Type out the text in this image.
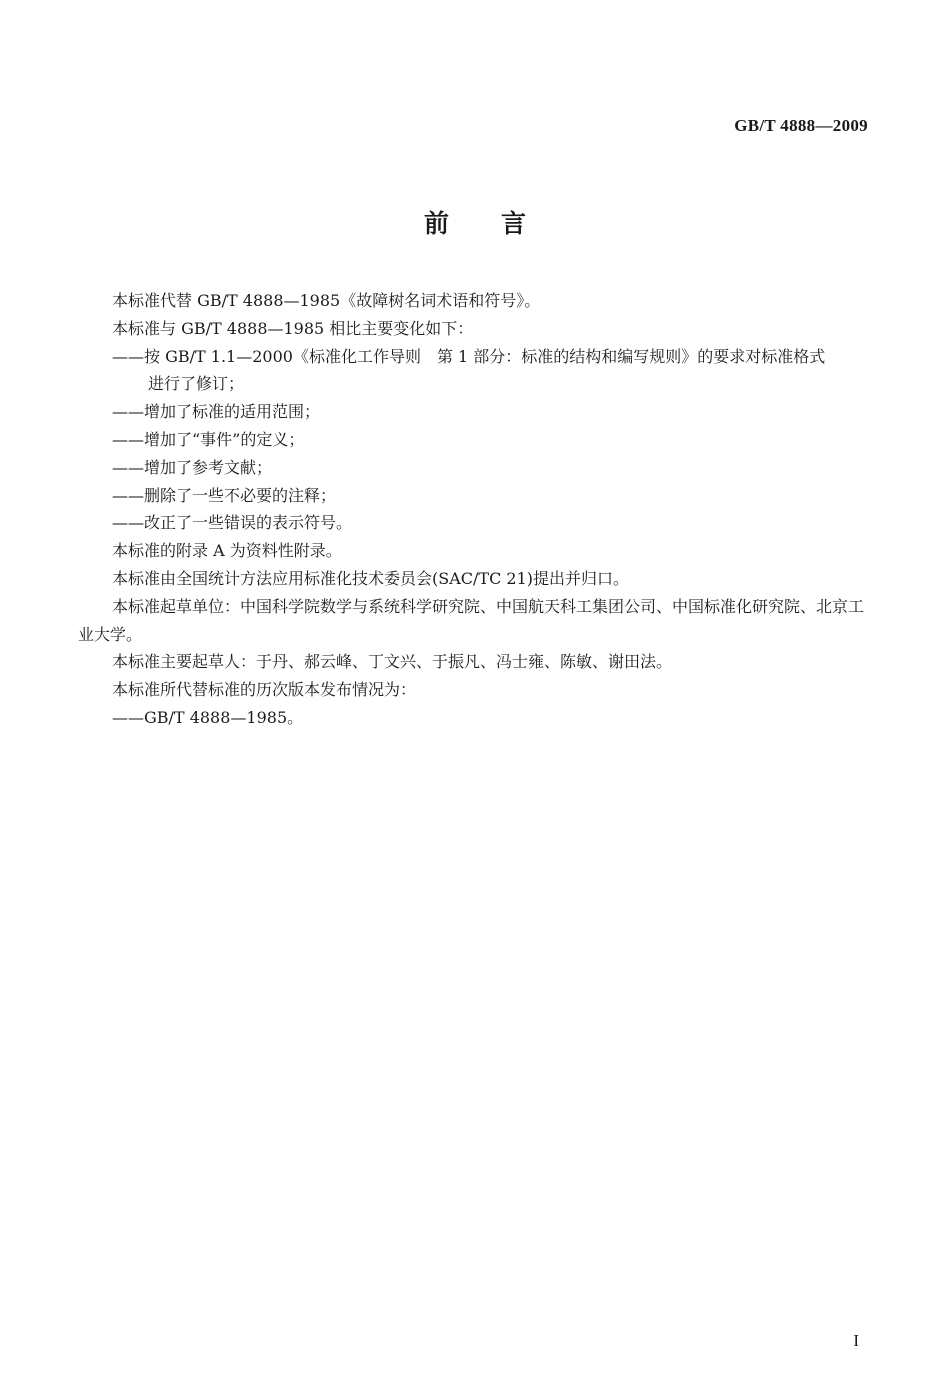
GB/T 4888—2009
前 言

本标准代替 GB/T 4888—1985《故障树名词术语和符号》。

本标准与 GB/T 4888—1985 相比主要变化如下：

——按 GB/T 1.1—2000《标准化工作导则　第 1 部分：标准的结构和编写规则》的要求对标准格式

进行了修订；

——增加了标准的适用范围；

——增加了“事件”的定义；

——增加了参考文献；

——删除了一些不必要的注释；

——改正了一些错误的表示符号。

本标准的附录 A 为资料性附录。

本标准由全国统计方法应用标准化技术委员会(SAC/TC 21)提出并归口。

本标准起草单位：中国科学院数学与系统科学研究院、中国航天科工集团公司、中国标准化研究院、北京工业大学。

本标准主要起草人：于丹、郝云峰、丁文兴、于振凡、冯士雍、陈敏、谢田法。

本标准所代替标准的历次版本发布情况为：

——GB/T 4888—1985。

I
